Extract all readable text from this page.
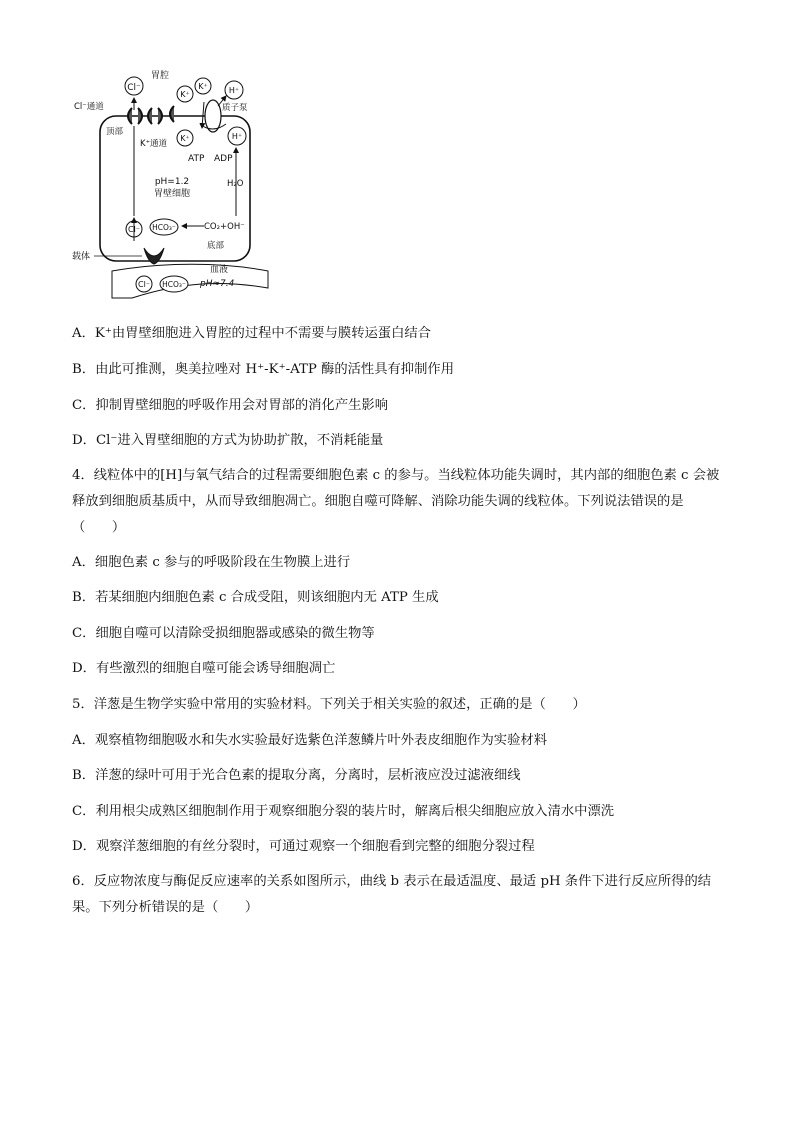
Cl⁻
K⁺
K⁺	H⁺
K⁺	H⁺
胃腔
Cl⁻通道
顶部
K⁺通道
质子泵
ATP ADP
pH=1.2
胃壁细胞
H₂O
CO₂+OH⁻
底部
Cl⁻ HCO₃⁻
载体
Cl⁻ HCO₃⁻
血液
pH≈7.4
A．K⁺由胃壁细胞进入胃腔的过程中不需要与膜转运蛋白结合
B．由此可推测，奥美拉唑对 H⁺-K⁺-ATP 酶的活性具有抑制作用
C．抑制胃壁细胞的呼吸作用会对胃部的消化产生影响
D．Cl⁻进入胃壁细胞的方式为协助扩散，不消耗能量
4．线粒体中的[H]与氧气结合的过程需要细胞色素 c 的参与。当线粒体功能失调时，其内部的细胞色素 c 会被释放到细胞质基质中，从而导致细胞凋亡。细胞自噬可降解、消除功能失调的线粒体。下列说法错误的是（　　）
A．细胞色素 c 参与的呼吸阶段在生物膜上进行
B．若某细胞内细胞色素 c 合成受阻，则该细胞内无 ATP 生成
C．细胞自噬可以清除受损细胞器或感染的微生物等
D．有些激烈的细胞自噬可能会诱导细胞凋亡
5．洋葱是生物学实验中常用的实验材料。下列关于相关实验的叙述，正确的是（　　）
A．观察植物细胞吸水和失水实验最好选紫色洋葱鳞片叶外表皮细胞作为实验材料
B．洋葱的绿叶可用于光合色素的提取分离，分离时，层析液应没过滤液细线
C．利用根尖成熟区细胞制作用于观察细胞分裂的装片时，解离后根尖细胞应放入清水中漂洗
D．观察洋葱细胞的有丝分裂时，可通过观察一个细胞看到完整的细胞分裂过程
6．反应物浓度与酶促反应速率的关系如图所示，曲线 b 表示在最适温度、最适 pH 条件下进行反应所得的结果。下列分析错误的是（　　）
